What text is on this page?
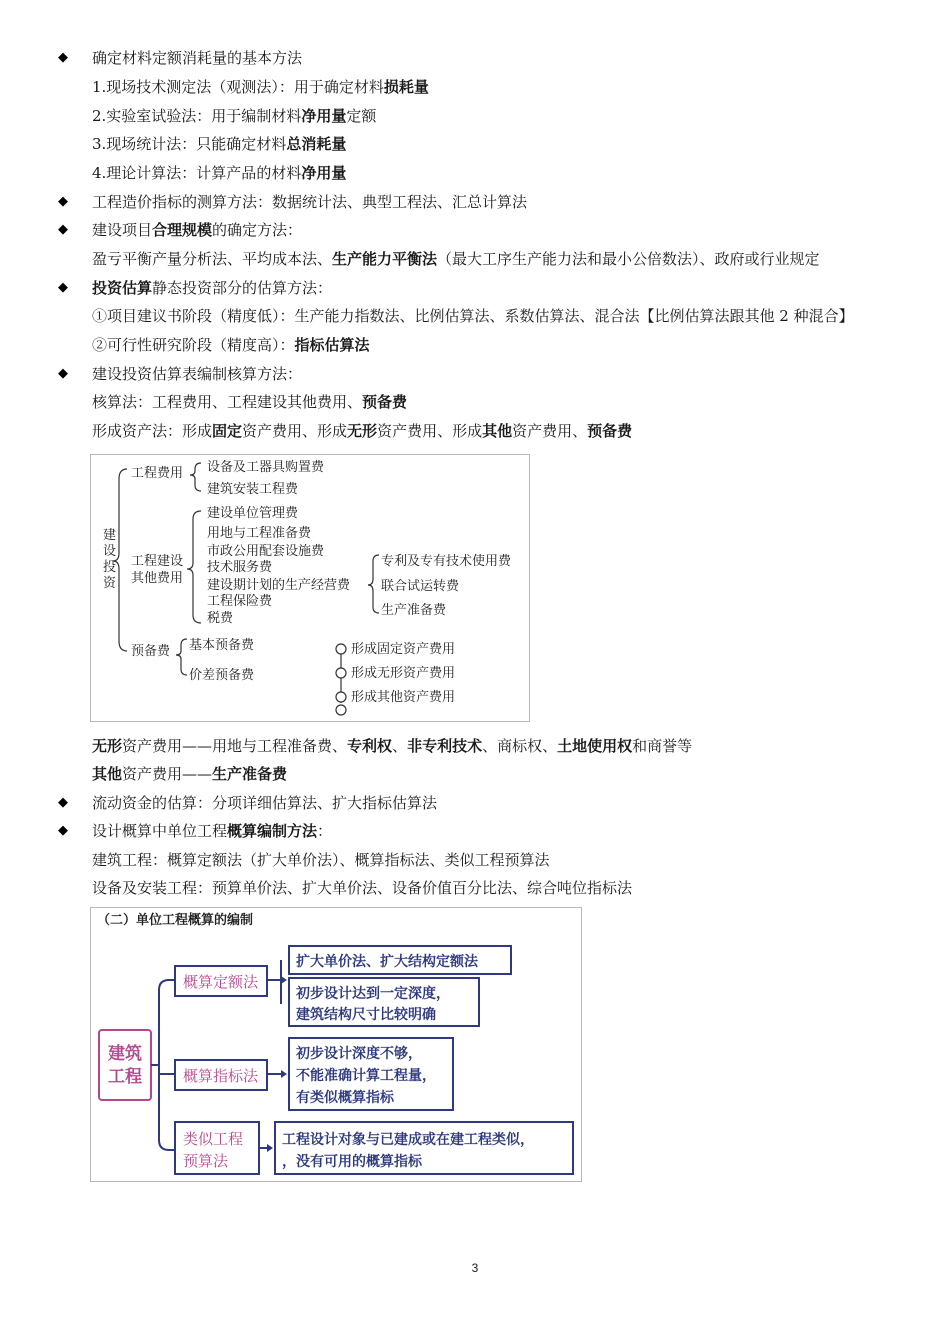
◆ 确定材料定额消耗量的基本方法
1.现场技术测定法（观测法）：用于确定材料损耗量
2.实验室试验法：用于编制材料净用量定额
3.现场统计法：只能确定材料总消耗量
4.理论计算法：计算产品的材料净用量
◆ 工程造价指标的测算方法：数据统计法、典型工程法、汇总计算法
◆ 建设项目合理规模的确定方法：
盈亏平衡产量分析法、平均成本法、生产能力平衡法（最大工序生产能力法和最小公倍数法）、政府或行业规定
◆ 投资估算静态投资部分的估算方法：
①项目建议书阶段（精度低）：生产能力指数法、比例估算法、系数估算法、混合法【比例估算法跟其他 2 种混合】
②可行性研究阶段（精度高）：指标估算法
◆ 建设投资估算表编制核算方法：
核算法：工程费用、工程建设其他费用、预备费
形成资产法：形成固定资产费用、形成无形资产费用、形成其他资产费用、预备费
无形资产费用——用地与工程准备费、专利权、非专利技术、商标权、土地使用权和商誉等
其他资产费用——生产准备费
◆ 流动资金的估算：分项详细估算法、扩大指标估算法
◆ 设计概算中单位工程概算编制方法：
建筑工程：概算定额法（扩大单价法）、概算指标法、类似工程预算法
设备及安装工程：预算单价法、扩大单价法、设备价值百分比法、综合吨位指标法
建
设
投
资
工程费用
工程建设
其他费用
预备费
设备及工器具购置费
建筑安装工程费
建设单位管理费
用地与工程准备费
市政公用配套设施费
技术服务费
建设期计划的生产经营费
工程保险费
税费
专利及专有技术使用费
联合试运转费
生产准备费
基本预备费
价差预备费
形成固定资产费用
形成无形资产费用
形成其他资产费用
（二）单位工程概算的编制
建筑
工程
概算定额法
概算指标法
类似工程
预算法
扩大单价法、扩大结构定额法
初步设计达到一定深度，
建筑结构尺寸比较明确
初步设计深度不够，
不能准确计算工程量，
有类似概算指标
工程设计对象与已建成或在建工程类似，
，没有可用的概算指标
3
